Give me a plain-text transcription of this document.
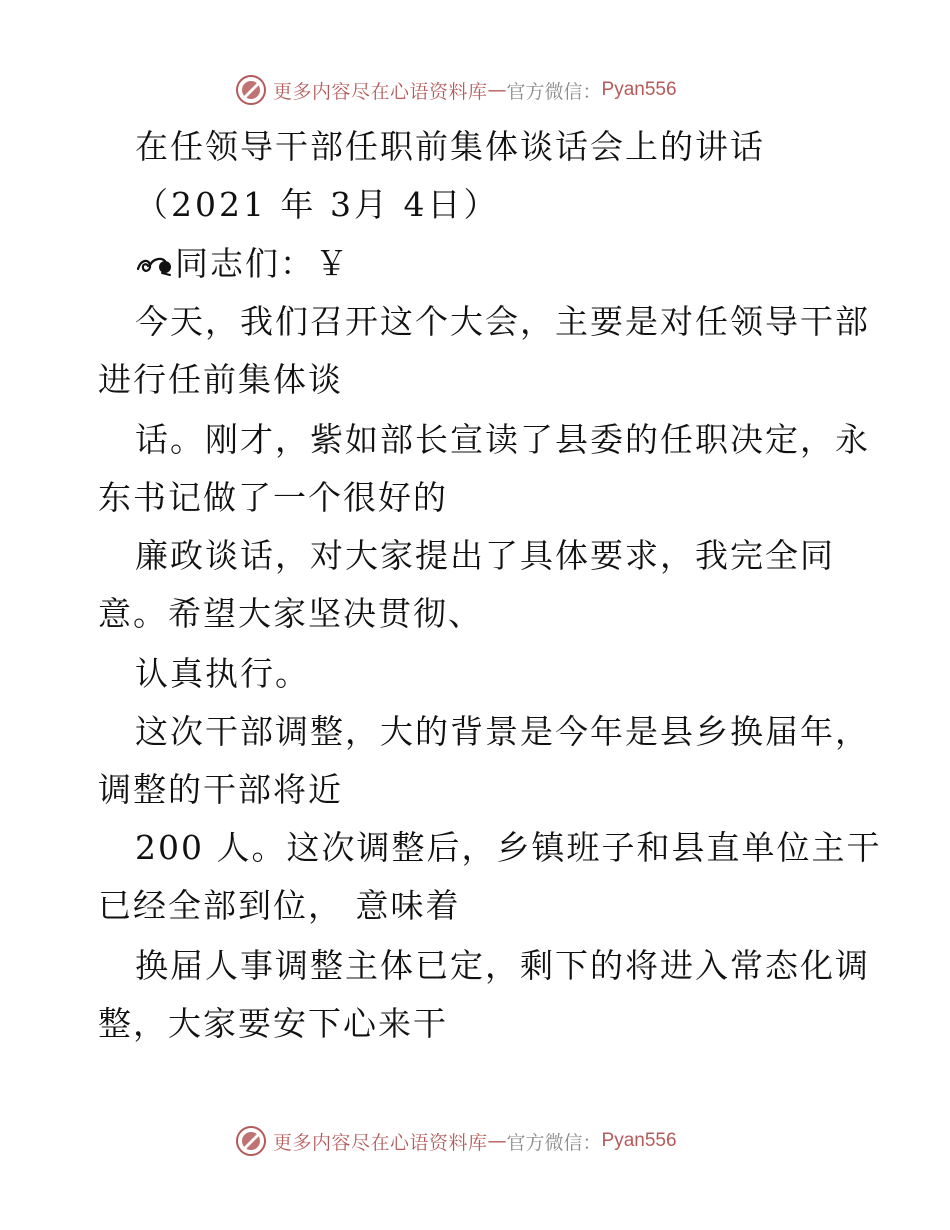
更多内容尽在心语资料库 — 官方微信： Pyan556
在任领导干部任职前集体谈话会上的讲话
（2021 年 3月 4日）
同志们：￥
今天，我们召开这个大会，主要是对任领导干部
进行任前集体谈
话。刚才，紫如部长宣读了县委的任职决定，永
东书记做了一个很好的
廉政谈话，对大家提出了具体要求，我完全同
意。希望大家坚决贯彻、
认真执行。
这次干部调整，大的背景是今年是县乡换届年，
调整的干部将近
200 人。这次调整后，乡镇班子和县直单位主干
已经全部到位， 意味着
换届人事调整主体已定，剩下的将进入常态化调
整，大家要安下心来干
更多内容尽在心语资料库 — 官方微信： Pyan556
